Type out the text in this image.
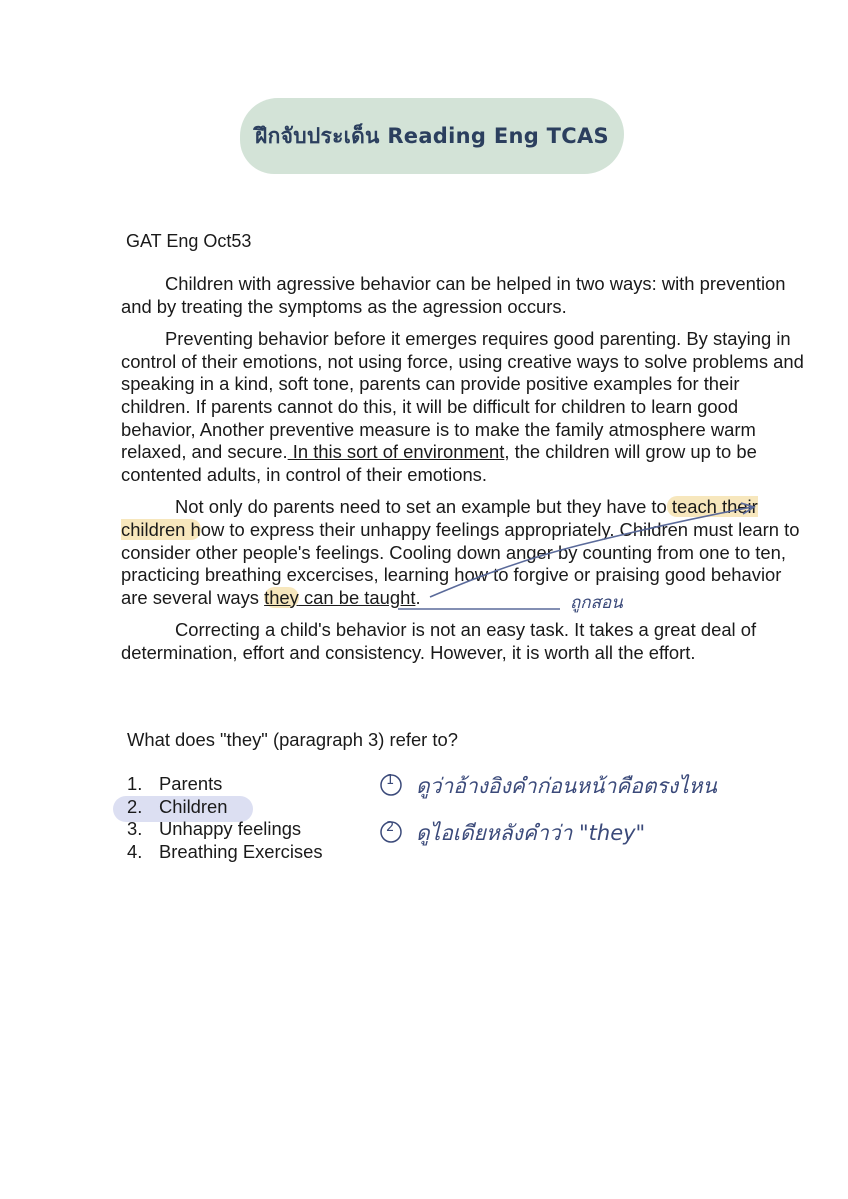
ฝึกจับประเด็น Reading Eng TCAS
GAT Eng Oct53

Children with agressive behavior can be helped in two ways: with prevention and by treating the symptoms as the agression occurs.

Preventing behavior before it emerges requires good parenting. By staying in control of their emotions, not using force, using creative ways to solve problems and speaking in a kind, soft tone, parents can provide positive examples for their children. If parents cannot do this, it will be difficult for children to learn good behavior, Another preventive measure is to make the family atmosphere warm relaxed, and secure. In this sort of environment, the children will grow up to be contented adults, in control of their emotions.

Not only do parents need to set an example but they have to teach their children how to express their unhappy feelings appropriately. Children must learn to consider other people's feelings. Cooling down anger by counting from one to ten, practicing breathing excercises, learning how to forgive or praising good behavior are several ways they can be taught.

Correcting a child's behavior is not an easy task. It takes a great deal of determination, effort and consistency. However, it is worth all the effort.

What does "they" (paragraph 3) refer to?
1. Parents
2. Children
3. Unhappy feelings
4. Breathing Exercises
ถูกสอน
1 ดูว่าอ้างอิงคำก่อนหน้าคือตรงไหน
2 ดูไอเดียหลังคำว่า "they"
